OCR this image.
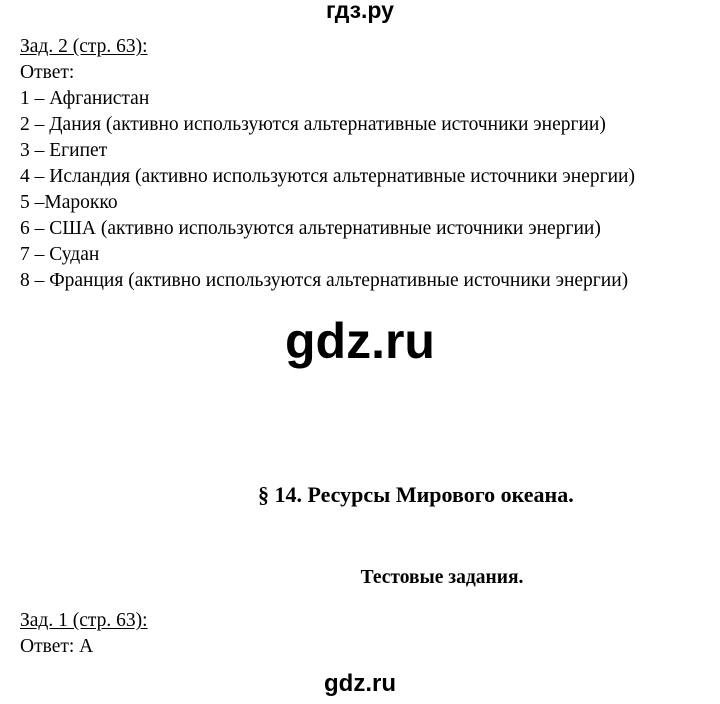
гдз.ру
Зад. 2 (стр. 63):
Ответ:
1 – Афганистан
2 – Дания (активно используются альтернативные источники энергии)
3 – Египет
4 – Исландия (активно используются альтернативные источники энергии)
5 –Марокко
6 – США (активно используются альтернативные источники энергии)
7 – Судан
8 – Франция (активно используются альтернативные источники энергии)
gdz.ru
§ 14. Ресурсы Мирового океана.
Тестовые задания.
Зад. 1 (стр. 63):
Ответ: А
gdz.ru
